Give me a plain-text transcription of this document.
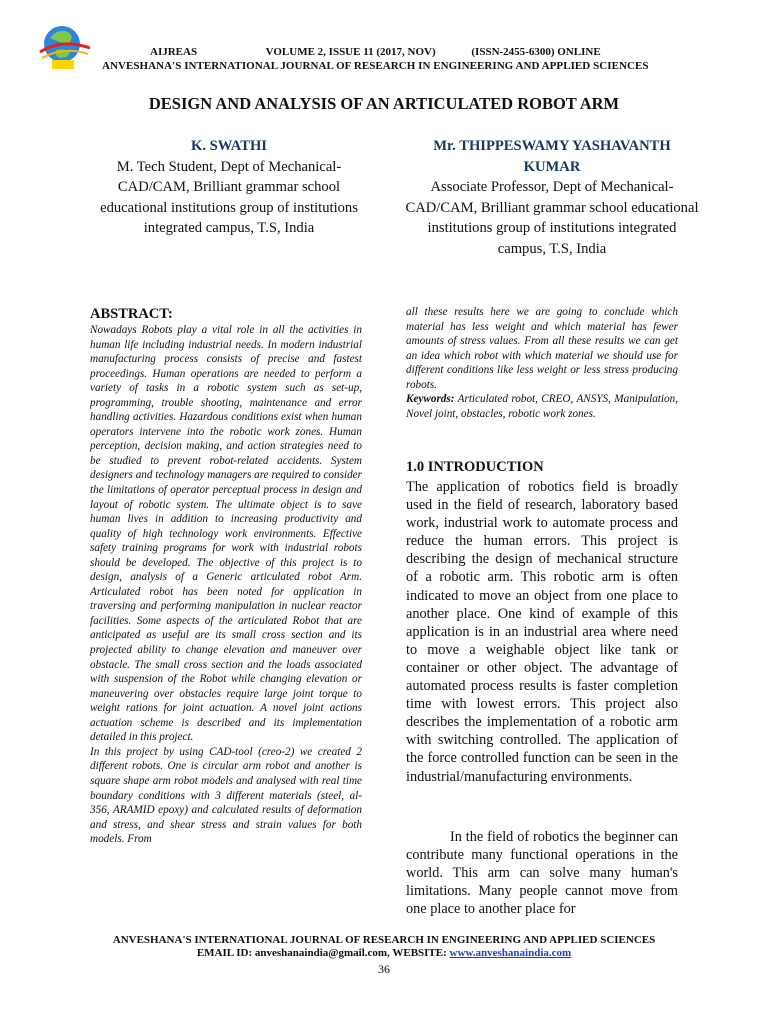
AIJREAS	VOLUME 2, ISSUE 11 (2017, NOV)	(ISSN-2455-6300) ONLINE
ANVESHANA'S INTERNATIONAL JOURNAL OF RESEARCH IN ENGINEERING AND APPLIED SCIENCES
DESIGN AND ANALYSIS OF AN ARTICULATED ROBOT ARM
K. SWATHI
M. Tech Student, Dept of Mechanical-CAD/CAM, Brilliant grammar school educational institutions group of institutions integrated campus, T.S, India
Mr. THIPPESWAMY YASHAVANTH KUMAR
Associate Professor, Dept of Mechanical-CAD/CAM, Brilliant grammar school educational institutions group of institutions integrated campus, T.S, India
ABSTRACT:

Nowadays Robots play a vital role in all the activities in human life including industrial needs. In modern industrial manufacturing process consists of precise and fastest proceedings. Human operations are needed to perform a variety of tasks in a robotic system such as set-up, programming, trouble shooting, maintenance and error handling activities. Hazardous conditions exist when human operators intervene into the robotic work zones. Human perception, decision making, and action strategies need to be studied to prevent robot-related accidents. System designers and technology managers are required to consider the limitations of operator perceptual process in design and layout of robotic system. The ultimate object is to save human lives in addition to increasing productivity and quality of high technology work environments. Effective safety training programs for work with industrial robots should be developed. The objective of this project is to design, analysis of a Generic articulated robot Arm. Articulated robot has been noted for application in traversing and performing manipulation in nuclear reactor facilities. Some aspects of the articulated Robot that are anticipated as useful are its small cross section and its projected ability to change elevation and maneuver over obstacle. The small cross section and the loads associated with suspension of the Robot while changing elevation or maneuvering over obstacles require large joint torque to weight rations for joint actuation. A novel joint actions actuation scheme is described and its implementation detailed in this project.

In this project by using CAD-tool (creo-2) we created 2 different robots. One is circular arm robot and another is square shape arm robot models and analysed with real time boundary conditions with 3 different materials (steel, al-356, ARAMID epoxy) and calculated results of deformation and stress, and shear stress and strain values for both models. From

all these results here we are going to conclude which material has less weight and which material has fewer amounts of stress values. From all these results we can get an idea which robot with which material we should use for different conditions like less weight or less stress producing robots.

Keywords: Articulated robot, CREO, ANSYS, Manipulation, Novel joint, obstacles, robotic work zones.

1.0 INTRODUCTION
The application of robotics field is broadly used in the field of research, laboratory based work, industrial work to automate process and reduce the human errors. This project is describing the design of mechanical structure of a robotic arm. This robotic arm is often indicated to move an object from one place to another place. One kind of example of this application is in an industrial area where need to move a weighable object like tank or container or other object. The advantage of automated process results is faster completion time with lowest errors. This project also describes the implementation of a robotic arm with switching controlled. The application of the force controlled function can be seen in the industrial/manufacturing environments.
In the field of robotics the beginner can contribute many functional operations in the world. This arm can solve many human's limitations. Many people cannot move from one place to another place for
ANVESHANA'S INTERNATIONAL JOURNAL OF RESEARCH IN ENGINEERING AND APPLIED SCIENCES
EMAIL ID: anveshanaindia@gmail.com, WEBSITE: www.anveshanaindia.com
36
